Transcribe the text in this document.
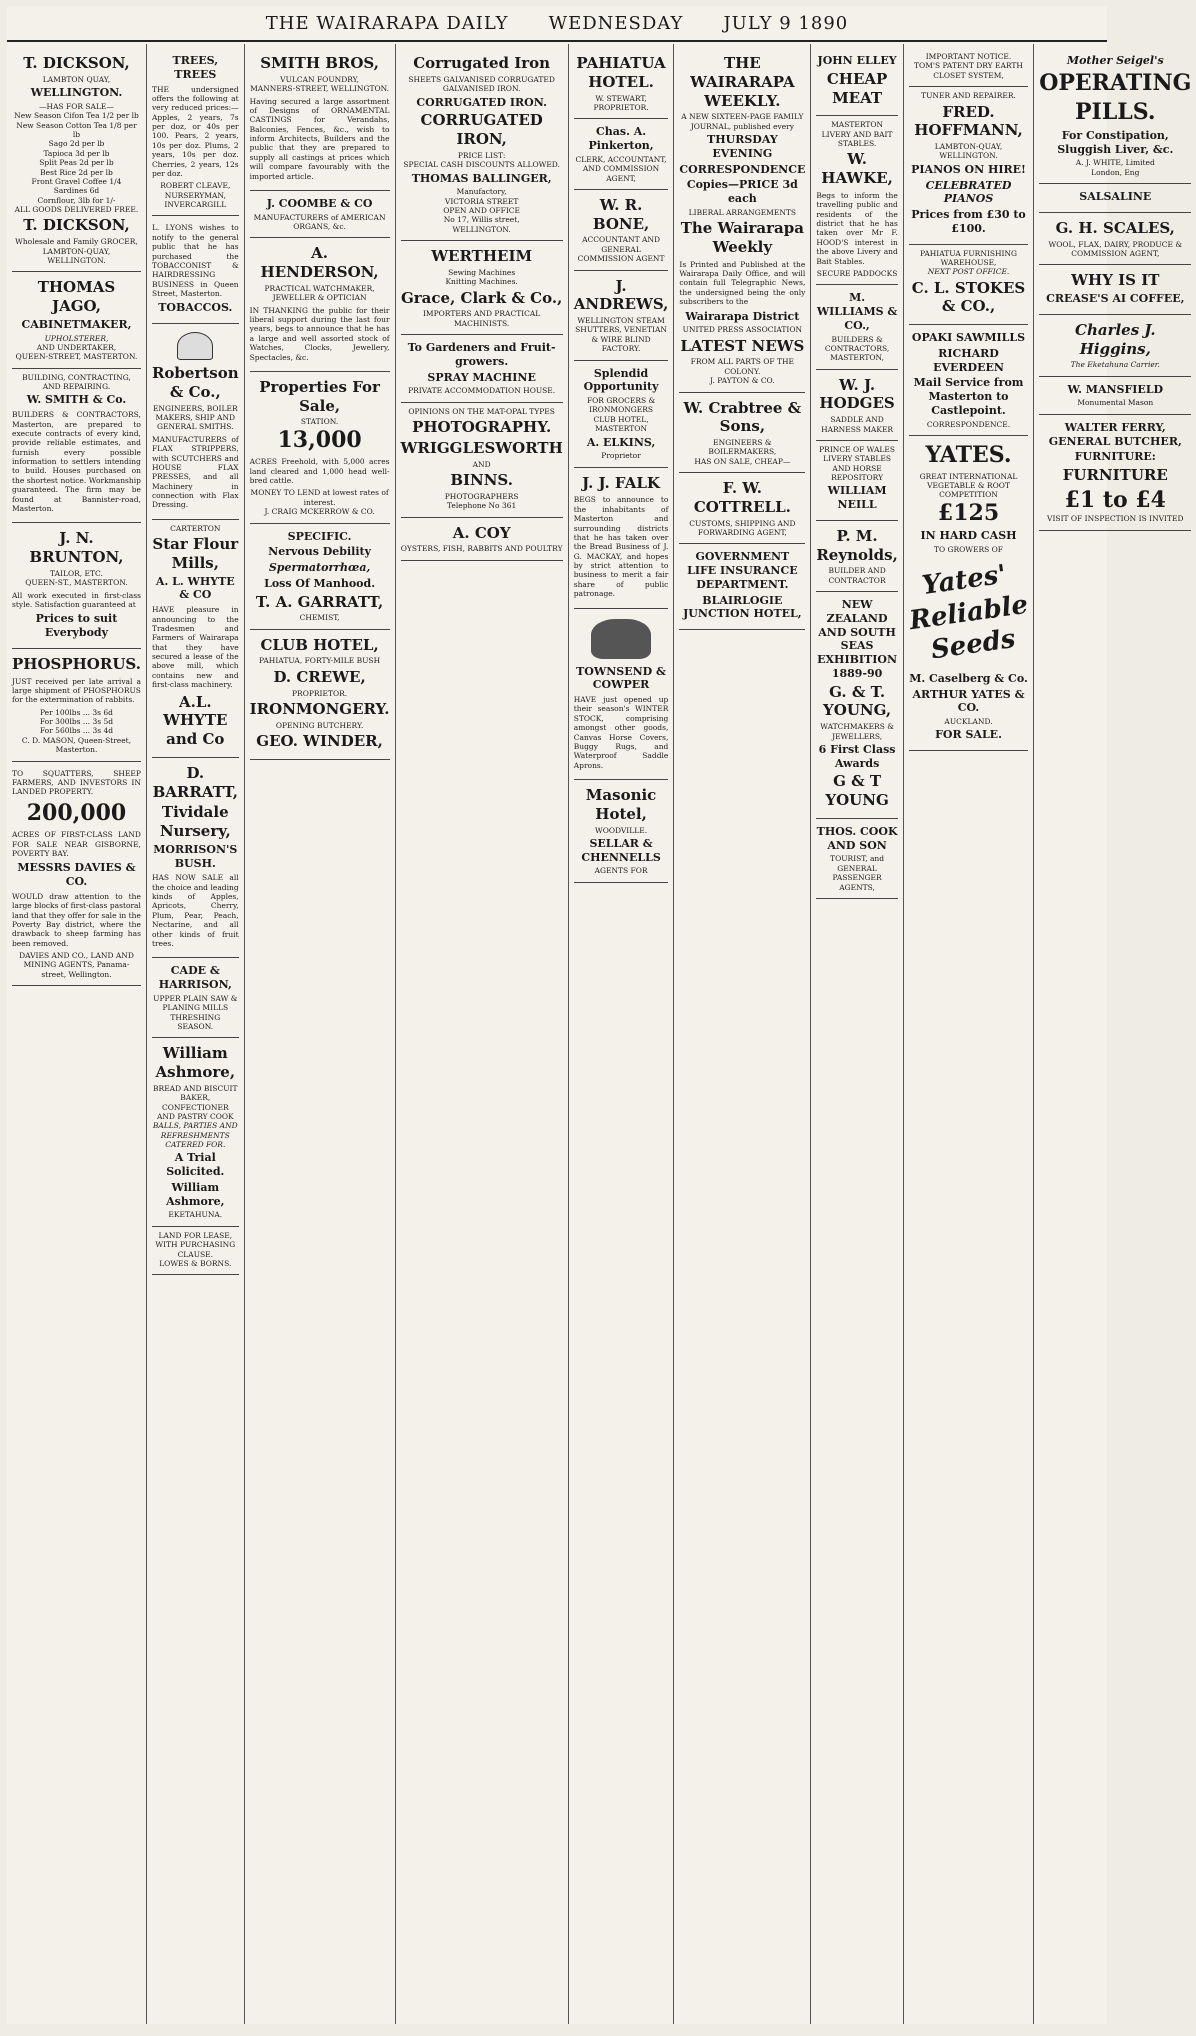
THE WAIRARAPA DAILY WEDNESDAY JULY 9 1890
T. DICKSON,
LAMBTON QUAY,
WELLINGTON.
—HAS FOR SALE—
New Season Cifon Tea 1/2 per lb
New Season Cotton Tea 1/8 per lb
Sago 2d per lb
Tapioca 3d per lb
Split Peas 2d per lb
Best Rice 2d per lb
Front Gravel Coffee 1/4
Sardines 6d
Cornflour, 3lb for 1/-
ALL GOODS DELIVERED FREE.
T. DICKSON,
Wholesale and Family GROCER,
LAMBTON-QUAY,
WELLINGTON.
THOMAS JAGO,
CABINETMAKER,
UPHOLSTERER,
AND UNDERTAKER,
QUEEN-STREET, MASTERTON.
BUILDING, CONTRACTING, AND REPAIRING.
W. SMITH & Co.

BUILDERS & CONTRACTORS, Masterton, are prepared to execute contracts of every kind, provide reliable estimates, and furnish every possible information to settlers intending to build. Houses purchased on the shortest notice. Workmanship guaranteed. The firm may be found at Bannister-road, Masterton.

J. N. BRUNTON,
TAILOR, ETC.
QUEEN-ST., MASTERTON.

All work executed in first-class style. Satisfaction guaranteed at

Prices to suit Everybody
PHOSPHORUS.

JUST received per late arrival a large shipment of PHOSPHORUS for the extermination of rabbits.

Per 100lbs ... 3s 6d
For 300lbs ... 3s 5d
For 560lbs ... 3s 4d
C. D. MASON, Queen-Street, Masterton.

TO SQUATTERS, SHEEP FARMERS, AND INVESTORS IN LANDED PROPERTY.

200,000

ACRES OF FIRST-CLASS LAND FOR SALE NEAR GISBORNE, POVERTY BAY.

MESSRS DAVIES & CO.

WOULD draw attention to the large blocks of first-class pastoral land that they offer for sale in the Poverty Bay district, where the drawback to sheep farming has been removed.

DAVIES AND CO., LAND AND MINING AGENTS, Panama-street, Wellington.
TREES, TREES

THE undersigned offers the following at very reduced prices:— Apples, 2 years, 7s per doz, or 40s per 100. Pears, 2 years, 10s per doz. Plums, 2 years, 10s per doz. Cherries, 2 years, 12s per doz.

ROBERT CLEAVE, NURSERYMAN, INVERCARGILL

L. LYONS wishes to notify to the general public that he has purchased the TOBACCONIST & HAIRDRESSING BUSINESS in Queen Street, Masterton.

TOBACCOS.
Robertson & Co.,
ENGINEERS, BOILER MAKERS, SHIP AND GENERAL SMITHS.

MANUFACTURERS of FLAX STRIPPERS, with SCUTCHERS and HOUSE FLAX PRESSES, and all Machinery in connection with Flax Dressing.

CARTERTON
Star Flour Mills,
A. L. WHYTE & CO

HAVE pleasure in announcing to the Tradesmen and Farmers of Wairarapa that they have secured a lease of the above mill, which contains new and first-class machinery.

A.L. WHYTE and Co
D. BARRATT,
Tividale Nursery,
MORRISON'S BUSH.

HAS NOW SALE all the choice and leading kinds of Apples, Apricots, Cherry, Plum, Pear, Peach, Nectarine, and all other kinds of fruit trees.

CADE & HARRISON,
UPPER PLAIN SAW & PLANING MILLS
THRESHING SEASON.
William Ashmore,
BREAD AND BISCUIT BAKER, CONFECTIONER AND PASTRY COOK
BALLS, PARTIES AND REFRESHMENTS CATERED FOR.
A Trial Solicited.
William Ashmore,
EKETAHUNA.
LAND FOR LEASE, WITH PURCHASING CLAUSE.
LOWES & BORNS.
SMITH BROS,
VULCAN FOUNDRY,
MANNERS-STREET, WELLINGTON.

Having secured a large assortment of Designs of ORNAMENTAL CASTINGS for Verandahs, Balconies, Fences, &c., wish to inform Architects, Builders and the public that they are prepared to supply all castings at prices which will compare favourably with the imported article.

J. COOMBE & CO
MANUFACTURERS of AMERICAN ORGANS, &c.
A. HENDERSON,
PRACTICAL WATCHMAKER, JEWELLER & OPTICIAN

IN THANKING the public for their liberal support during the last four years, begs to announce that he has a large and well assorted stock of Watches, Clocks, Jewellery, Spectacles, &c.

Properties For Sale,
STATION.
13,000

ACRES Freehold, with 5,000 acres land cleared and 1,000 head well-bred cattle.

MONEY TO LEND at lowest rates of interest.
J. CRAIG MCKERROW & CO.
SPECIFIC.
Nervous Debility
Spermatorrhœa,
Loss Of Manhood.
T. A. GARRATT,
CHEMIST,
CLUB HOTEL,
PAHIATUA, FORTY-MILE BUSH
D. CREWE,
PROPRIETOR.
IRONMONGERY.
OPENING BUTCHERY.
GEO. WINDER,
Corrugated Iron
SHEETS GALVANISED CORRUGATED GALVANISED IRON.
CORRUGATED IRON.
CORRUGATED IRON,
PRICE LIST:
SPECIAL CASH DISCOUNTS ALLOWED.
THOMAS BALLINGER,
Manufactory,
VICTORIA STREET
OPEN AND OFFICE
No 17, Willis street,
WELLINGTON.
WERTHEIM
Sewing Machines
Knitting Machines.
Grace, Clark & Co.,
IMPORTERS AND PRACTICAL MACHINISTS.
To Gardeners and Fruit-growers.
SPRAY MACHINE
PRIVATE ACCOMMODATION HOUSE.
OPINIONS ON THE MAT-OPAL TYPES
PHOTOGRAPHY.
WRIGGLESWORTH
AND
BINNS.
PHOTOGRAPHERS
Telephone No 361
A. COY
OYSTERS, FISH, RABBITS AND POULTRY
PAHIATUA HOTEL.
W. STEWART,
PROPRIETOR.
Chas. A. Pinkerton,
CLERK, ACCOUNTANT, AND COMMISSION AGENT,
W. R. BONE,
ACCOUNTANT AND GENERAL COMMISSION AGENT
J. ANDREWS,
WELLINGTON STEAM SHUTTERS, VENETIAN & WIRE BLIND FACTORY.
Splendid Opportunity
FOR GROCERS & IRONMONGERS
CLUB HOTEL, MASTERTON
A. ELKINS,
Proprietor
J. J. FALK

BEGS to announce to the inhabitants of Masterton and surrounding districts that he has taken over the Bread Business of J. G. MACKAY, and hopes by strict attention to business to merit a fair share of public patronage.

TOWNSEND & COWPER

HAVE just opened up their season's WINTER STOCK, comprising amongst other goods, Canvas Horse Covers, Buggy Rugs, and Waterproof Saddle Aprons.

Masonic Hotel,
WOODVILLE.
SELLAR & CHENNELLS
AGENTS FOR
THE WAIRARAPA WEEKLY.
A NEW SIXTEEN-PAGE FAMILY JOURNAL, published every
THURSDAY EVENING
CORRESPONDENCE
Copies—PRICE 3d each
LIBERAL ARRANGEMENTS
The Wairarapa Weekly

Is Printed and Published at the Wairarapa Daily Office, and will contain full Telegraphic News, the undersigned being the only subscribers to the

Wairarapa District
UNITED PRESS ASSOCIATION
LATEST NEWS
FROM ALL PARTS OF THE COLONY.
J. PAYTON & CO.
W. Crabtree & Sons,
ENGINEERS & BOILERMAKERS,
HAS ON SALE, CHEAP—
F. W. COTTRELL.
CUSTOMS, SHIPPING AND FORWARDING AGENT,
GOVERNMENT LIFE INSURANCE DEPARTMENT.
BLAIRLOGIE JUNCTION HOTEL,
JOHN ELLEY
CHEAP MEAT
MASTERTON LIVERY AND BAIT STABLES.
W. HAWKE,

Begs to inform the travelling public and residents of the district that he has taken over Mr F. HOOD'S interest in the above Livery and Bait Stables.

SECURE PADDOCKS
M. WILLIAMS & CO.,
BUILDERS & CONTRACTORS, MASTERTON,
W. J. HODGES
SADDLE AND HARNESS MAKER
PRINCE OF WALES LIVERY STABLES AND HORSE REPOSITORY
WILLIAM NEILL
P. M. Reynolds,
BUILDER AND CONTRACTOR
NEW ZEALAND AND SOUTH SEAS EXHIBITION 1889-90
G. & T. YOUNG,
WATCHMAKERS & JEWELLERS,
6 First Class Awards
G & T YOUNG
THOS. COOK AND SON
TOURIST, and GENERAL PASSENGER AGENTS,
IMPORTANT NOTICE.
TOM'S PATENT DRY EARTH CLOSET SYSTEM,
TUNER AND REPAIRER.
FRED. HOFFMANN,
LAMBTON-QUAY, WELLINGTON.
PIANOS ON HIRE!
CELEBRATED PIANOS
Prices from £30 to £100.
PAHIATUA FURNISHING WAREHOUSE,
NEXT POST OFFICE.
C. L. STOKES & CO.,
OPAKI SAWMILLS
RICHARD EVERDEEN
Mail Service from Masterton to Castlepoint.
CORRESPONDENCE.
YATES.
GREAT INTERNATIONAL VEGETABLE & ROOT COMPETITION
£125
IN HARD CASH
TO GROWERS OF
Yates' Reliable Seeds
M. Caselberg & Co.
ARTHUR YATES & CO.
AUCKLAND.
FOR SALE.
Mother Seigel's
OPERATING
PILLS.
For Constipation, Sluggish Liver, &c.
A. J. WHITE, Limited
London, Eng
SALSALINE
G. H. SCALES,
WOOL, FLAX, DAIRY, PRODUCE & COMMISSION AGENT,
WHY IS IT
CREASE'S AI COFFEE,
Charles J. Higgins,
The Eketahuna Carrier.
W. MANSFIELD
Monumental Mason
WALTER FERRY, GENERAL BUTCHER,
FURNITURE:
FURNITURE
£1 to £4
VISIT OF INSPECTION IS INVITED
